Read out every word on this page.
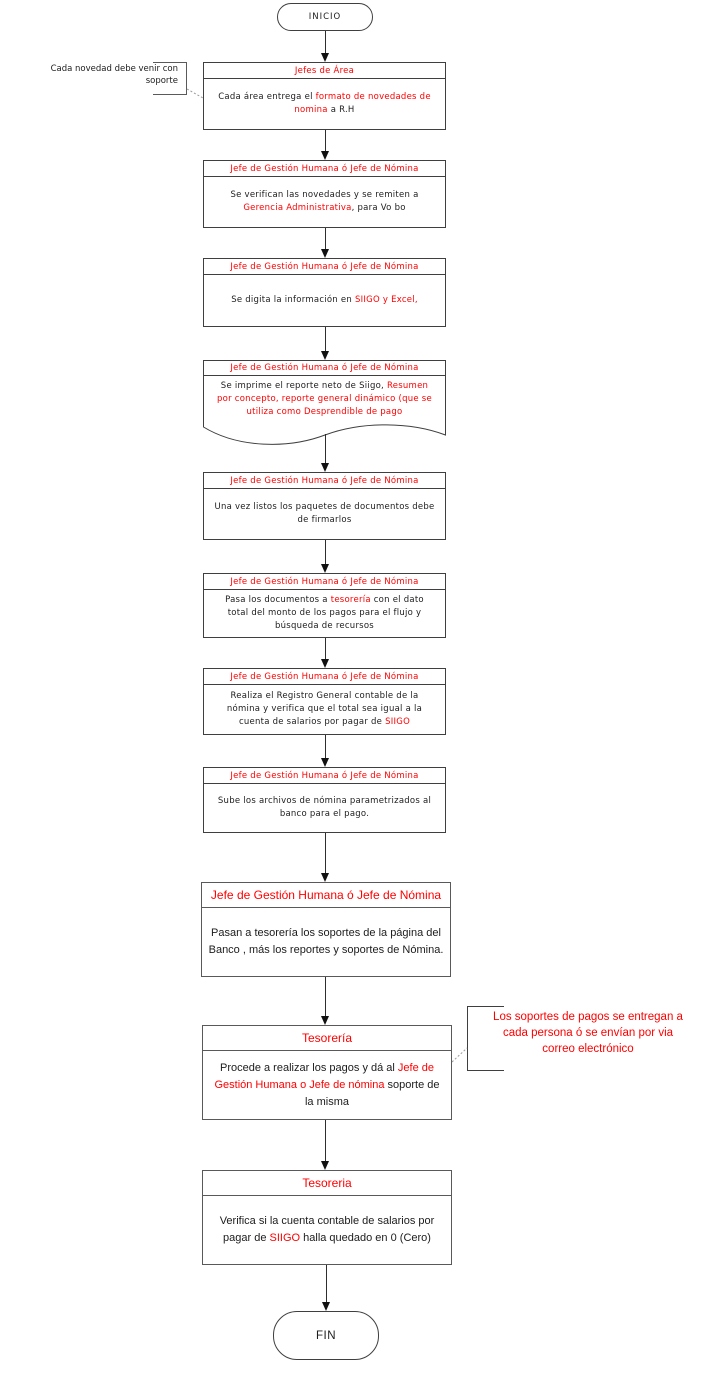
INICIO
Cada novedad debe venir con
soporte
Jefes de Área

Cada área entrega el formato de novedades de nomina a R.H

Jefe de Gestión Humana ó Jefe de Nómina

Se verifican las novedades y se remiten a Gerencia Administrativa, para Vo bo

Jefe de Gestión Humana ó Jefe de Nómina

Se digita la información en SIIGO y Excel,

Jefe de Gestión Humana ó Jefe de Nómina

Se imprime el reporte neto de Siigo, Resumen por concepto, reporte general dinámico (que se utiliza como Desprendible de pago

Jefe de Gestión Humana ó Jefe de Nómina

Una vez listos los paquetes de documentos debe de firmarlos

Jefe de Gestión Humana ó Jefe de Nómina

Pasa los documentos a tesorería con el dato total del monto de los pagos para el flujo y búsqueda de recursos

Jefe de Gestión Humana ó Jefe de Nómina

Realiza el Registro General contable de la nómina y verifica que el total sea igual a la cuenta de salarios por pagar de SIIGO

Jefe de Gestión Humana ó Jefe de Nómina

Sube los archivos de nómina parametrizados al banco para el pago.

Jefe de Gestión Humana ó Jefe de Nómina

Pasan a tesorería los soportes de la página del Banco , más los reportes y soportes de Nómina.

Los soportes de pagos se entregan a
cada persona ó se envían por via
correo electrónico
Tesorería

Procede a realizar los pagos y dá al Jefe de Gestión Humana o Jefe de nómina soporte de la misma

Tesoreria

Verifica si la cuenta contable de salarios por pagar de SIIGO halla quedado en 0 (Cero)

FIN
